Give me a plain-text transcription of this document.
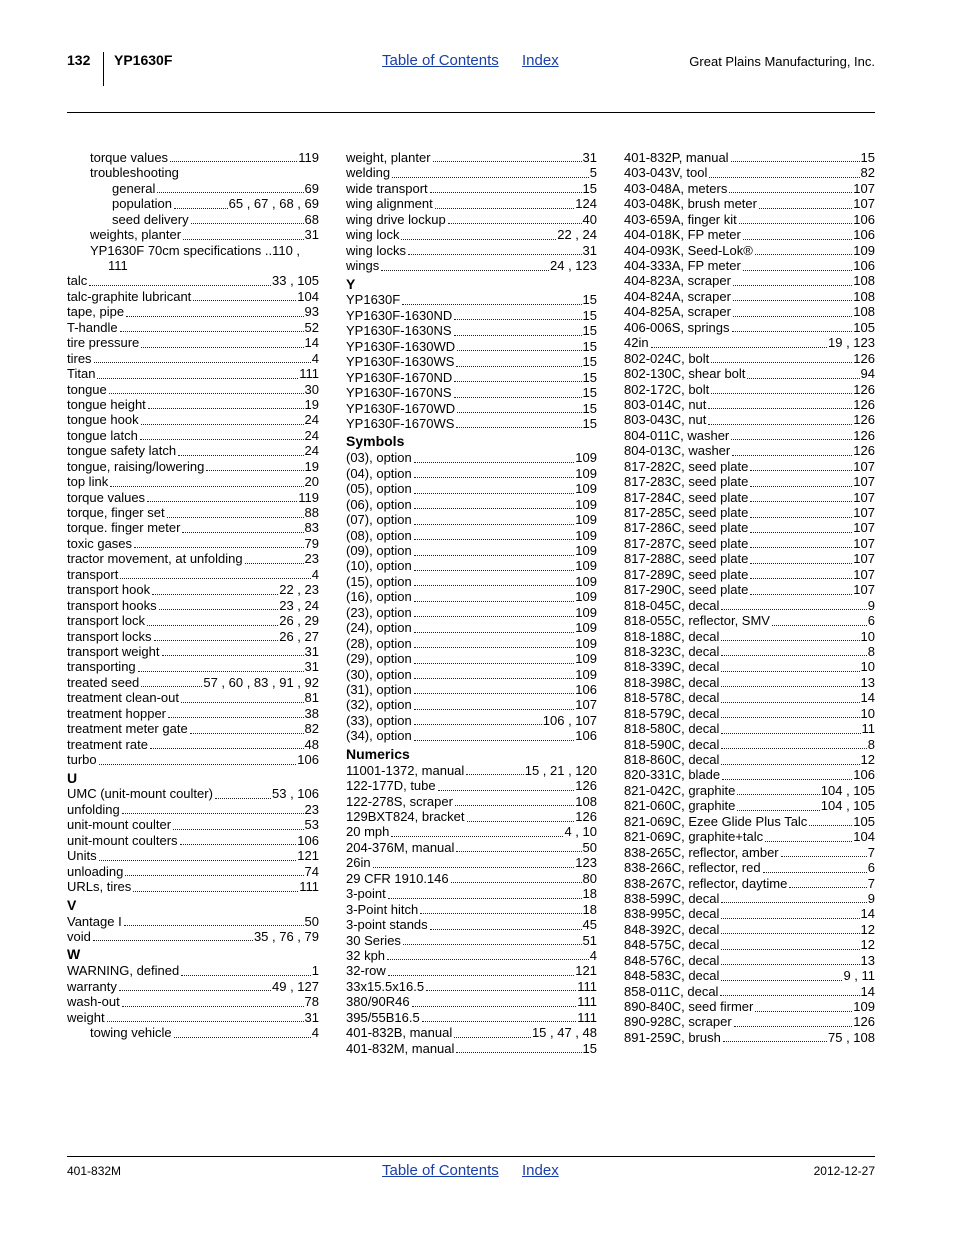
132 YP1630F	Table of Contents Index	Great Plains Manufacturing, Inc.
torque values	119
troubleshooting
general	69
population	65 , 67 , 68 , 69
seed delivery	68
weights, planter	31
YP1630F 70cm specifications ..110 ,
111
talc	33 , 105
talc-graphite lubricant	104
tape, pipe	93
T-handle	52
tire pressure	14
tires	4
Titan	111
tongue	30
tongue height	19
tongue hook	24
tongue latch	24
tongue safety latch	24
tongue, raising/lowering	19
top link	20
torque values	119
torque, finger set	88
torque. finger meter	83
toxic gases	79
tractor movement, at unfolding	23
transport	4
transport hook	22 , 23
transport hooks	23 , 24
transport lock	26 , 29
transport locks	26 , 27
transport weight	31
transporting	31
treated seed	57 , 60 , 83 , 91 , 92
treatment clean-out	81
treatment hopper	38
treatment meter gate	82
treatment rate	48
turbo	106
U
UMC (unit-mount coulter)	53 , 106
unfolding	23
unit-mount coulter	53
unit-mount coulters	106
Units	121
unloading	74
URLs, tires	111
V
Vantage I	50
void	35 , 76 , 79
W
WARNING, defined	1
warranty	49 , 127
wash-out	78
weight	31
towing vehicle	4
weight, planter	31
welding	5
wide transport	15
wing alignment	124
wing drive lockup	40
wing lock	22 , 24
wing locks	31
wings	24 , 123
Y
YP1630F	15
YP1630F-1630ND	15
YP1630F-1630NS	15
YP1630F-1630WD	15
YP1630F-1630WS	15
YP1630F-1670ND	15
YP1630F-1670NS	15
YP1630F-1670WD	15
YP1630F-1670WS	15
Symbols
(03), option	109
(04), option	109
(05), option	109
(06), option	109
(07), option	109
(08), option	109
(09), option	109
(10), option	109
(15), option	109
(16), option	109
(23), option	109
(24), option	109
(28), option	109
(29), option	109
(30), option	109
(31), option	106
(32), option	107
(33), option	106 , 107
(34), option	106
Numerics
11001-1372, manual	15 , 21 , 120
122-177D, tube	126
122-278S, scraper	108
129BXT824, bracket	126
20 mph	4 , 10
204-376M, manual	50
26in	123
29 CFR 1910.146	80
3-point	18
3-Point hitch	18
3-point stands	45
30 Series	51
32 kph	4
32-row	121
33x15.5x16.5	111
380/90R46	111
395/55B16.5	111
401-832B, manual	15 , 47 , 48
401-832M, manual	15
401-832P, manual	15
403-043V, tool	82
403-048A, meters	107
403-048K, brush meter	107
403-659A, finger kit	106
404-018K, FP meter	106
404-093K, Seed-Lok®	109
404-333A, FP meter	106
404-823A, scraper	108
404-824A, scraper	108
404-825A, scraper	108
406-006S, springs	105
42in	19 , 123
802-024C, bolt	126
802-130C, shear bolt	94
802-172C, bolt	126
803-014C, nut	126
803-043C, nut	126
804-011C, washer	126
804-013C, washer	126
817-282C, seed plate	107
817-283C, seed plate	107
817-284C, seed plate	107
817-285C, seed plate	107
817-286C, seed plate	107
817-287C, seed plate	107
817-288C, seed plate	107
817-289C, seed plate	107
817-290C, seed plate	107
818-045C, decal	9
818-055C, reflector, SMV	6
818-188C, decal	10
818-323C, decal	8
818-339C, decal	10
818-398C, decal	13
818-578C, decal	14
818-579C, decal	10
818-580C, decal	11
818-590C, decal	8
818-860C, decal	12
820-331C, blade	106
821-042C, graphite	104 , 105
821-060C, graphite	104 , 105
821-069C, Ezee Glide Plus Talc	105
821-069C, graphite+talc	104
838-265C, reflector, amber	7
838-266C, reflector, red	6
838-267C, reflector, daytime	7
838-599C, decal	9
838-995C, decal	14
848-392C, decal	12
848-575C, decal	12
848-576C, decal	13
848-583C, decal	9 , 11
858-011C, decal	14
890-840C, seed firmer	109
890-928C, scraper	126
891-259C, brush	75 , 108
401-832M	Table of Contents Index	2012-12-27
